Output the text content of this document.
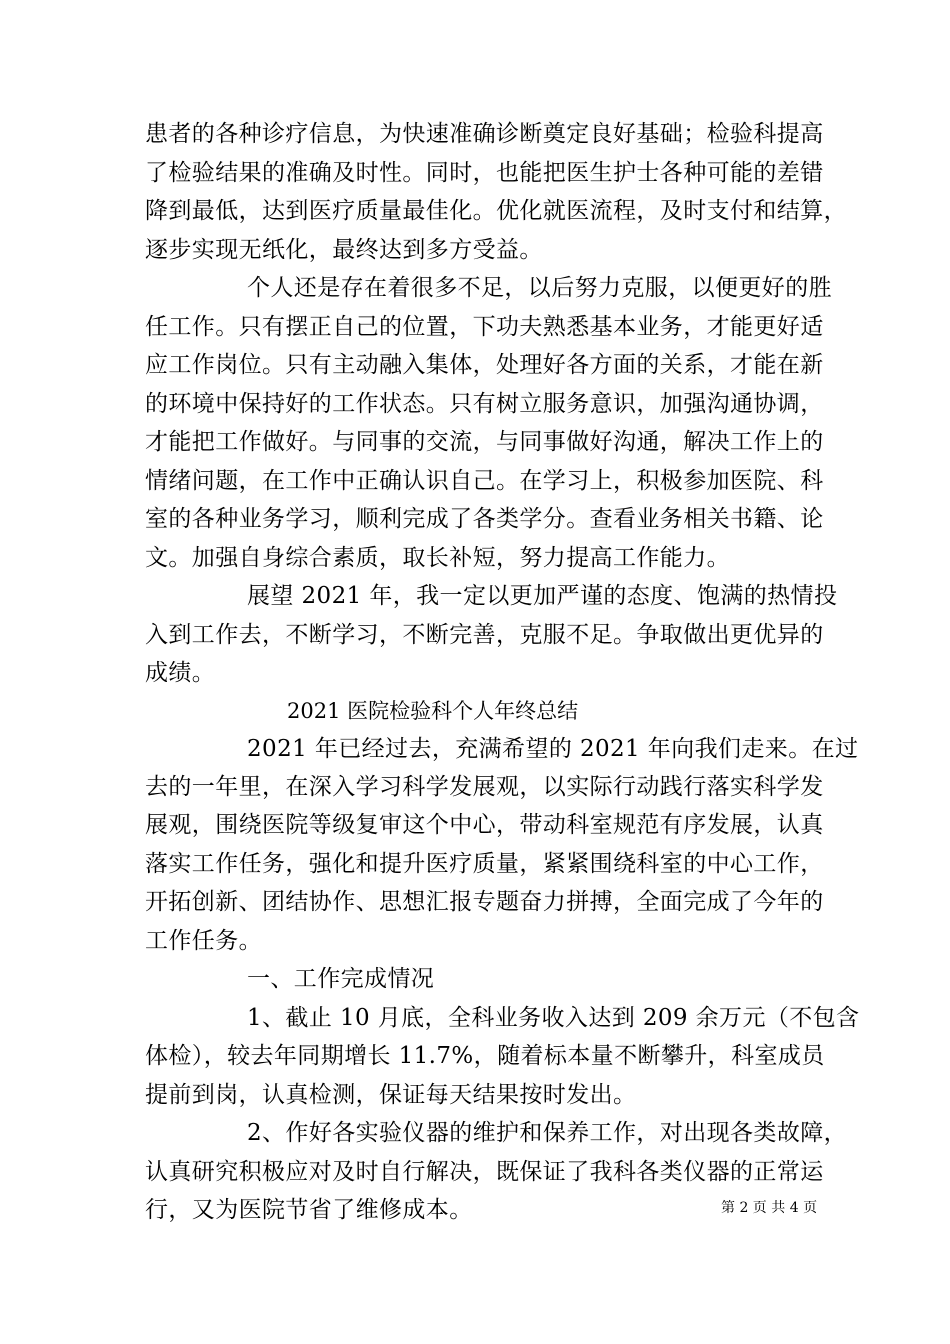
患者的各种诊疗信息，为快速准确诊断奠定良好基础；检验科提高
了检验结果的准确及时性。同时，也能把医生护士各种可能的差错
降到最低，达到医疗质量最佳化。优化就医流程，及时支付和结算，
逐步实现无纸化，最终达到多方受益。
个人还是存在着很多不足，以后努力克服，以便更好的胜
任工作。只有摆正自己的位置，下功夫熟悉基本业务，才能更好适
应工作岗位。只有主动融入集体，处理好各方面的关系，才能在新
的环境中保持好的工作状态。只有树立服务意识，加强沟通协调，
才能把工作做好。与同事的交流，与同事做好沟通，解决工作上的
情绪问题，在工作中正确认识自己。在学习上，积极参加医院、科
室的各种业务学习，顺利完成了各类学分。查看业务相关书籍、论
文。加强自身综合素质，取长补短，努力提高工作能力。
展望 2021 年，我一定以更加严谨的态度、饱满的热情投
入到工作去，不断学习，不断完善，克服不足。争取做出更优异的
成绩。
2021 医院检验科个人年终总结
2021 年已经过去，充满希望的 2021 年向我们走来。在过
去的一年里，在深入学习科学发展观，以实际行动践行落实科学发
展观，围绕医院等级复审这个中心，带动科室规范有序发展，认真
落实工作任务，强化和提升医疗质量，紧紧围绕科室的中心工作，
开拓创新、团结协作、思想汇报专题奋力拼搏，全面完成了今年的
工作任务。
一、工作完成情况
1、截止 10 月底，全科业务收入达到 209 余万元（不包含
体检），较去年同期增长 11.7%，随着标本量不断攀升，科室成员
提前到岗，认真检测，保证每天结果按时发出。
2、作好各实验仪器的维护和保养工作，对出现各类故障，
认真研究积极应对及时自行解决，既保证了我科各类仪器的正常运
行，又为医院节省了维修成本。	第 2 页 共 4 页
